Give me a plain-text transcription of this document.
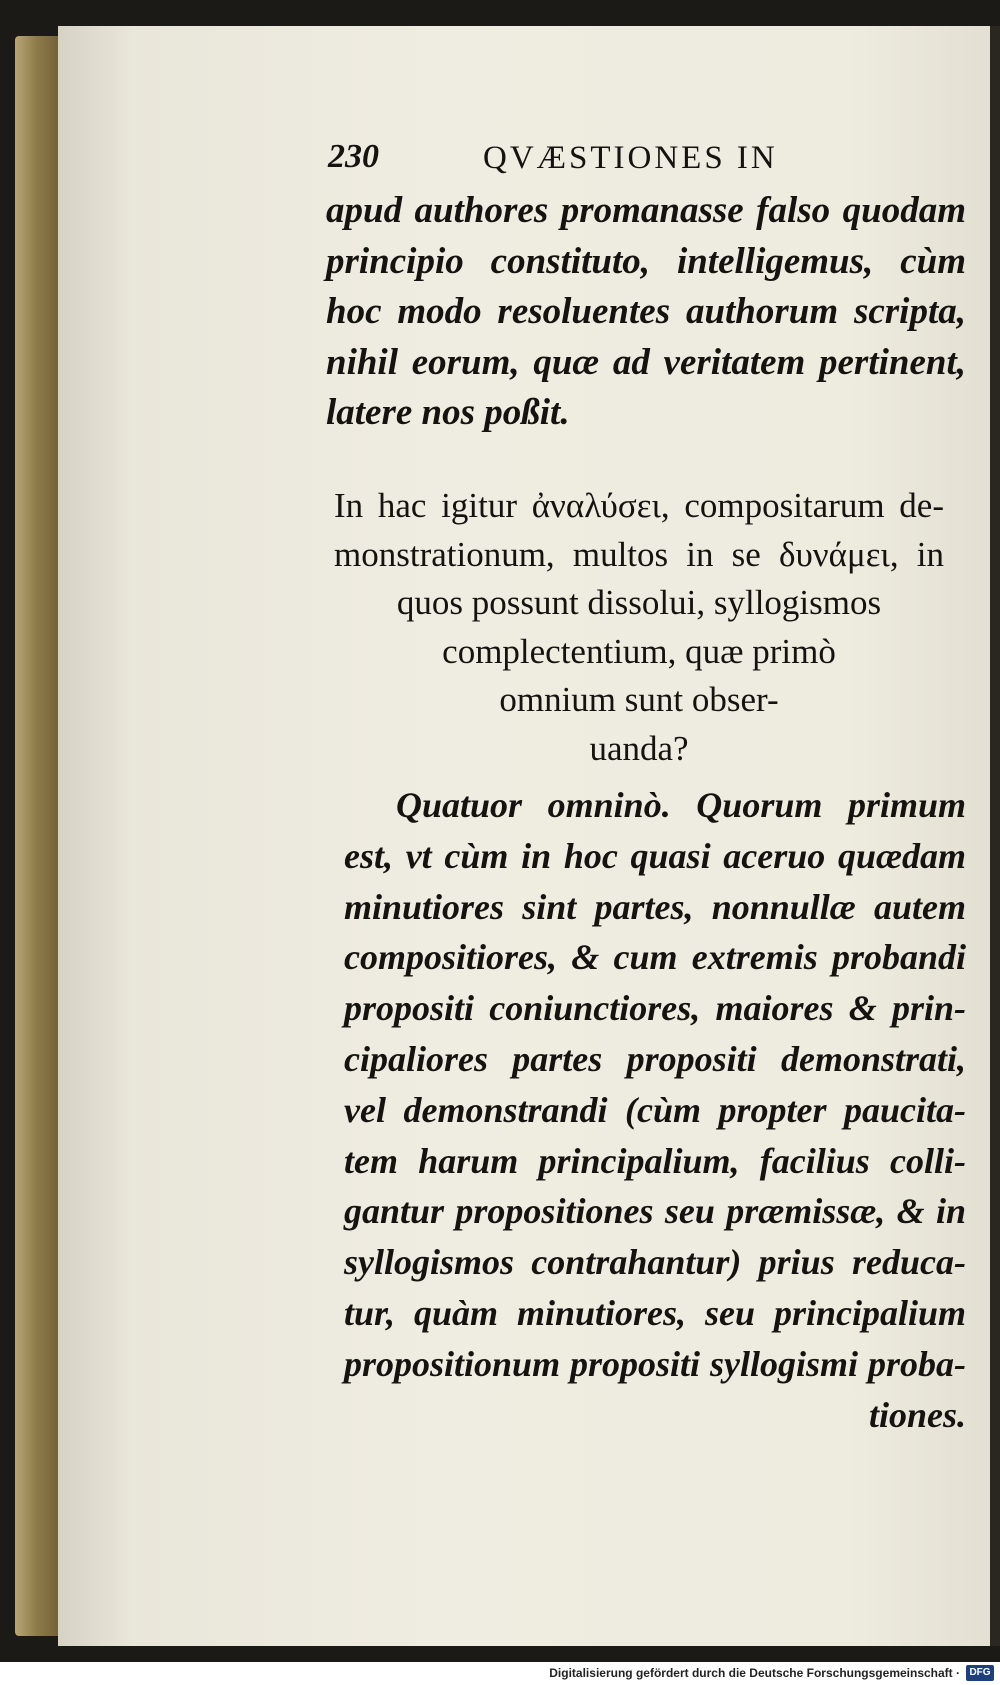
230	QVÆSTIONES IN
apud authores promanasse falso quodam
principio constituto, intelligemus, cùm
hoc modo resoluentes authorum scripta,
nihil eorum, quæ ad veritatem pertinent,
latere nos poßit.
In hac igitur ἀναλύσει, compositarum de-
monstrationum, multos in se δυνάμει, in
quos possunt dissolui, syllogismos
complectentium, quæ primò
omnium sunt obser-
uanda?
Quatuor omninò. Quorum primum
est, vt cùm in hoc quasi aceruo quædam
minutiores sint partes, nonnullæ autem
compositiores, & cum extremis probandi
propositi coniunctiores, maiores & prin-
cipaliores partes propositi demonstrati,
vel demonstrandi (cùm propter paucita-
tem harum principalium, facilius colli-
gantur propositiones seu præmissæ, & in
syllogismos contrahantur) prius reduca-
tur, quàm minutiores, seu principalium
propositionum propositi syllogismi proba-
tiones.
Digitalisierung gefördert durch die Deutsche Forschungsgemeinschaft · DFG
